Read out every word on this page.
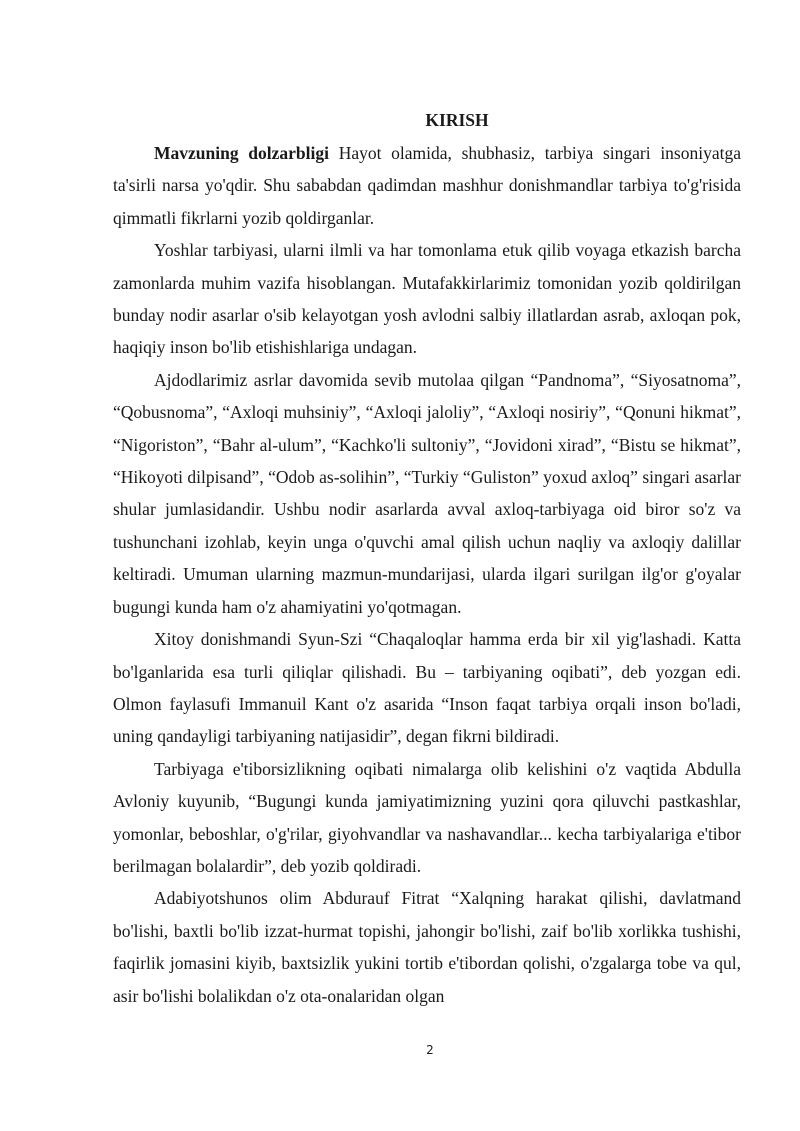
KIRISH

Mavzuning dolzarbligi Hayot olamida, shubhasiz, tarbiya singari insoniyatga ta'sirli narsa yo'qdir. Shu sababdan qadimdan mashhur donishmandlar tarbiya to'g'risida qimmatli fikrlarni yozib qoldirganlar.

Yoshlar tarbiyasi, ularni ilmli va har tomonlama etuk qilib voyaga etkazish barcha zamonlarda muhim vazifa hisoblangan. Mutafakkirlarimiz tomonidan yozib qoldirilgan bunday nodir asarlar o'sib kelayotgan yosh avlodni salbiy illatlardan asrab, axloqan pok, haqiqiy inson bo'lib etishishlariga undagan.

Ajdodlarimiz asrlar davomida sevib mutolaa qilgan “Pandnoma”, “Siyosatnoma”, “Qobusnoma”, “Axloqi muhsiniy”, “Axloqi jaloliy”, “Axloqi nosiriy”, “Qonuni hikmat”, “Nigoriston”, “Bahr al-ulum”, “Kachko'li sultoniy”, “Jovidoni xirad”, “Bistu se hikmat”, “Hikoyoti dilpisand”, “Odob as-solihin”, “Turkiy “Guliston” yoxud axloq” singari asarlar shular jumlasidandir. Ushbu nodir asarlarda avval axloq-tarbiyaga oid biror so'z va tushunchani izohlab, keyin unga o'quvchi amal qilish uchun naqliy va axloqiy dalillar keltiradi. Umuman ularning mazmun-mundarijasi, ularda ilgari surilgan ilg'or g'oyalar bugungi kunda ham o'z ahamiyatini yo'qotmagan.

Xitoy donishmandi Syun-Szi “Chaqaloqlar hamma erda bir xil yig'lashadi. Katta bo'lganlarida esa turli qiliqlar qilishadi. Bu – tarbiyaning oqibati”, deb yozgan edi. Olmon faylasufi Immanuil Kant o'z asarida “Inson faqat tarbiya orqali inson bo'ladi, uning qandayligi tarbiyaning natijasidir”, degan fikrni bildiradi.

Tarbiyaga e'tiborsizlikning oqibati nimalarga olib kelishini o'z vaqtida Abdulla Avloniy kuyunib, “Bugungi kunda jamiyatimizning yuzini qora qiluvchi pastkashlar, yomonlar, beboshlar, o'g'rilar, giyohvandlar va nashavandlar... kecha tarbiyalariga e'tibor berilmagan bolalardir”, deb yozib qoldiradi.

Adabiyotshunos olim Abdurauf Fitrat “Xalqning harakat qilishi, davlatmand bo'lishi, baxtli bo'lib izzat-hurmat topishi, jahongir bo'lishi, zaif bo'lib xorlikka tushishi, faqirlik jomasini kiyib, baxtsizlik yukini tortib e'tibordan qolishi, o'zgalarga tobe va qul, asir bo'lishi bolalikdan o'z ota-onalaridan olgan

2
